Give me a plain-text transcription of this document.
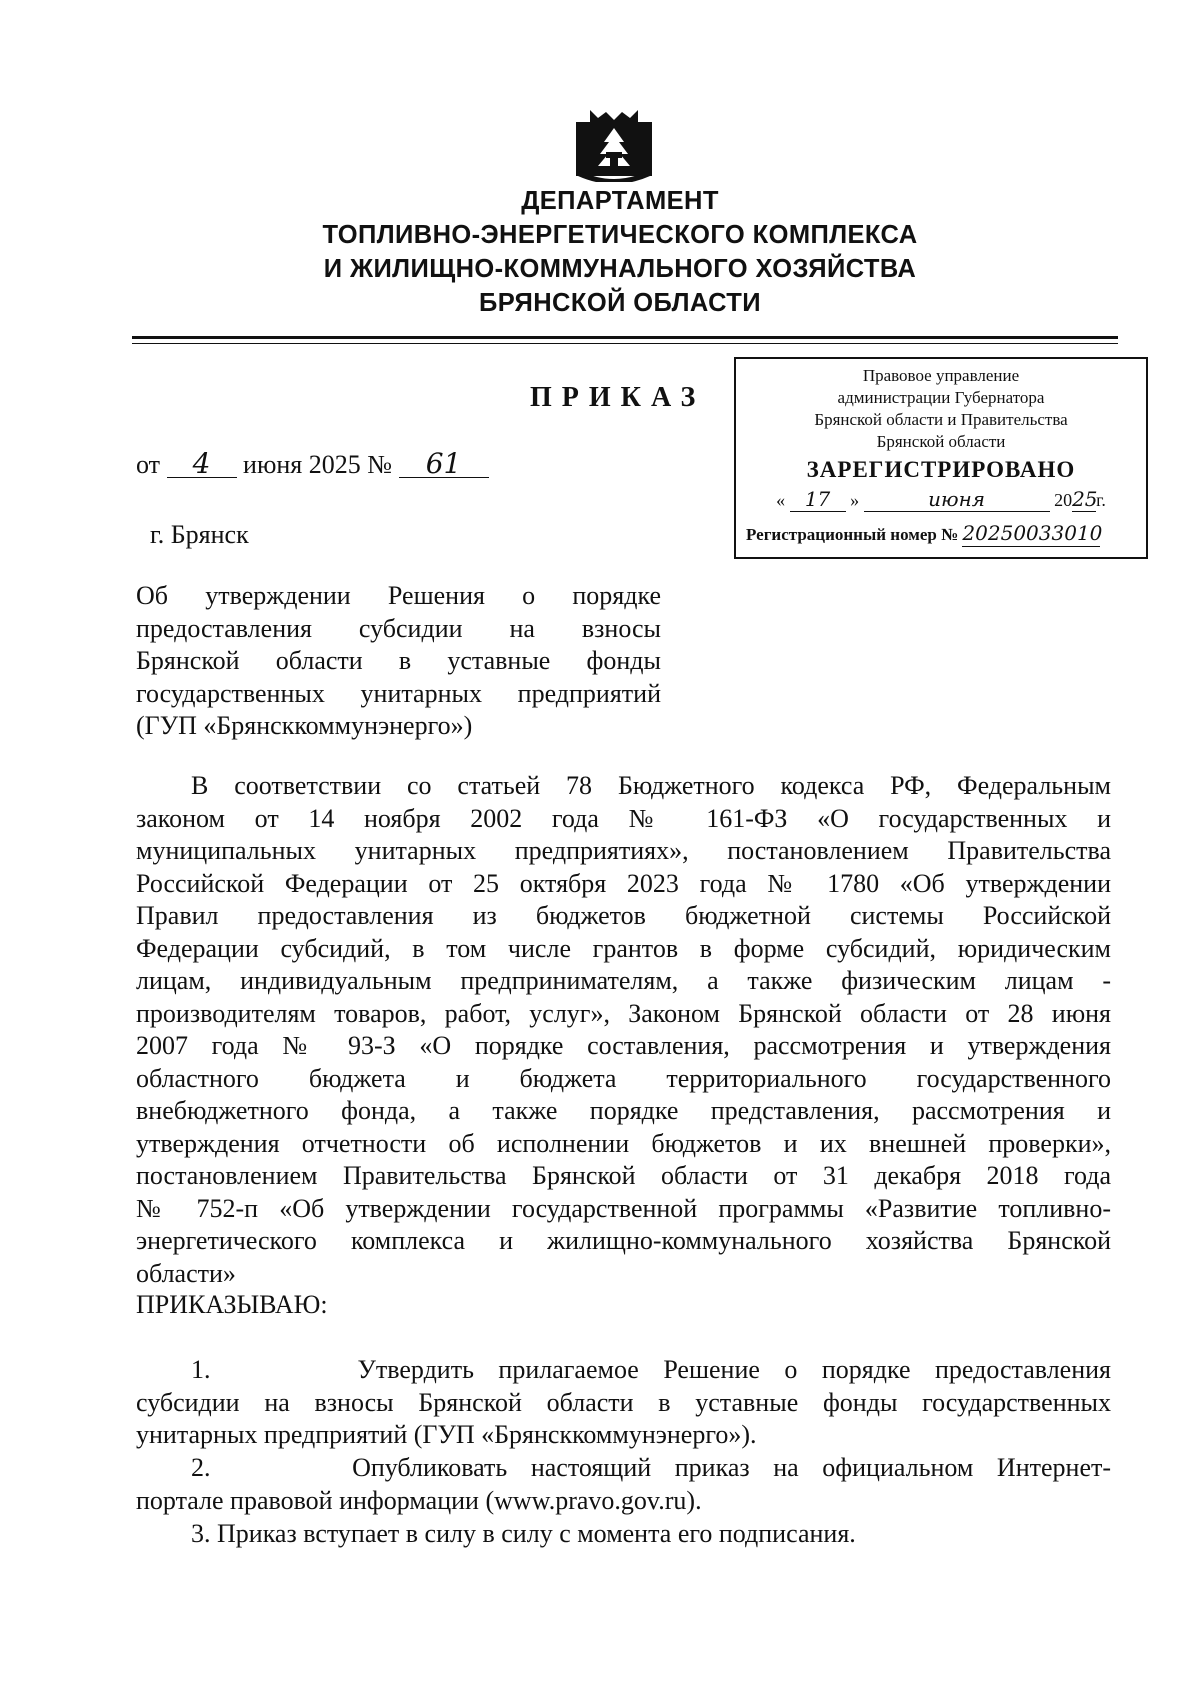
ДЕПАРТАМЕНТ
ТОПЛИВНО-ЭНЕРГЕТИЧЕСКОГО КОМПЛЕКСА
И ЖИЛИЩНО-КОММУНАЛЬНОГО ХОЗЯЙСТВА
БРЯНСКОЙ ОБЛАСТИ
ПРИКАЗ
от 4 июня 2025 № 61
г. Брянск
Правовое управление
администрации Губернатора
Брянской области и Правительства
Брянской области
ЗАРЕГИСТРИРОВАНО
« 17 »	июня	2025г.
Регистрационный номер № 20250033010
Об утверждении Решения о порядке
предоставления субсидии на взносы
Брянской области в уставные фонды
государственных унитарных предприятий
(ГУП «Брянсккоммунэнерго»)
В соответствии со статьей 78 Бюджетного кодекса РФ, Федеральным
законом от 14 ноября 2002 года № 161-ФЗ «О государственных и
муниципальных унитарных предприятиях», постановлением Правительства
Российской Федерации от 25 октября 2023 года № 1780 «Об утверждении
Правил предоставления из бюджетов бюджетной системы Российской
Федерации субсидий, в том числе грантов в форме субсидий, юридическим
лицам, индивидуальным предпринимателям, а также физическим лицам -
производителям товаров, работ, услуг», Законом Брянской области от 28 июня
2007 года № 93-З «О порядке составления, рассмотрения и утверждения
областного бюджета и бюджета территориального государственного
внебюджетного фонда, а также порядке представления, рассмотрения и
утверждения отчетности об исполнении бюджетов и их внешней проверки»,
постановлением Правительства Брянской области от 31 декабря 2018 года
№ 752-п «Об утверждении государственной программы «Развитие топливно-
энергетического комплекса и жилищно-коммунального хозяйства Брянской
области»
ПРИКАЗЫВАЮ:
1.      Утвердить прилагаемое Решение о порядке предоставления
субсидии на взносы Брянской области в уставные фонды государственных
унитарных предприятий (ГУП «Брянсккоммунэнерго»).
2.      Опубликовать настоящий приказ на официальном Интернет-
портале правовой информации (www.pravo.gov.ru).
3. Приказ вступает в силу в силу с момента его подписания.
